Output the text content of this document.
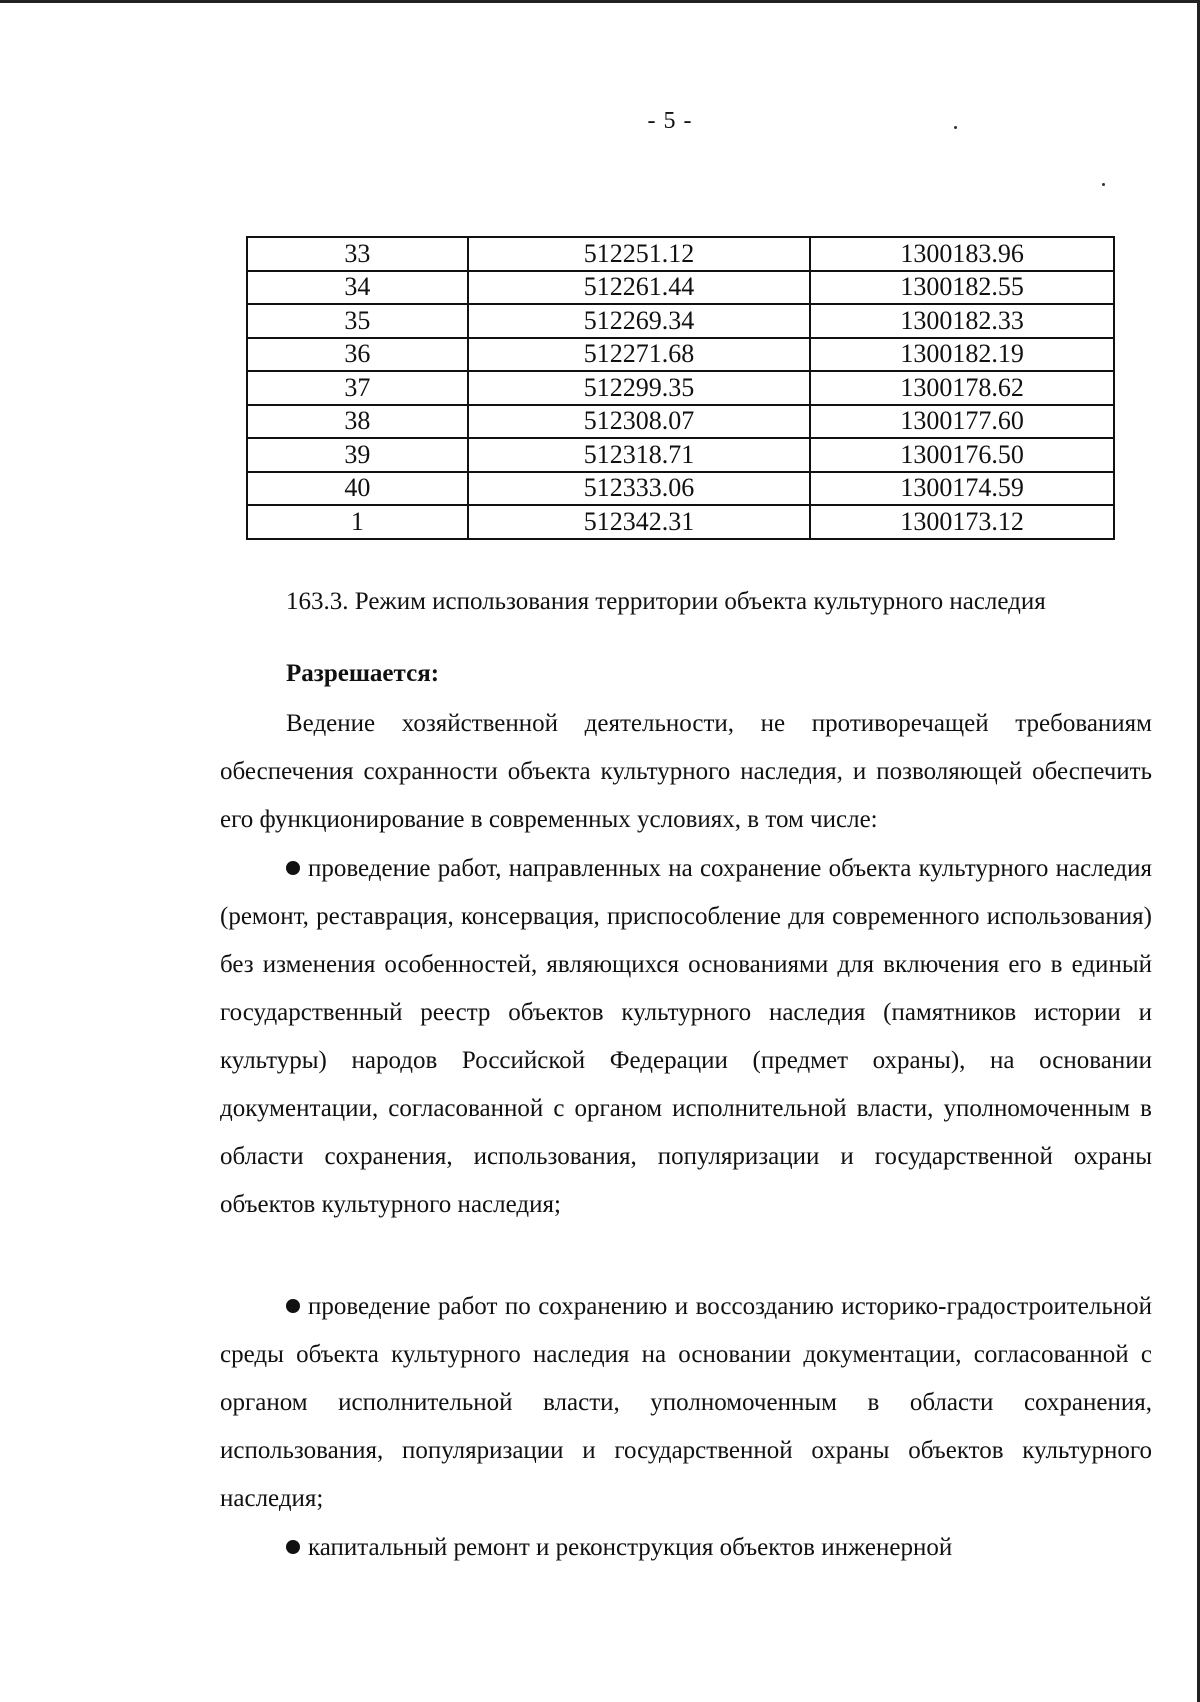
- 5 -
33	512251.12	1300183.96
34	512261.44	1300182.55
35	512269.34	1300182.33
36	512271.68	1300182.19
37	512299.35	1300178.62
38	512308.07	1300177.60
39	512318.71	1300176.50
40	512333.06	1300174.59
1	512342.31	1300173.12
163.3. Режим использования территории объекта культурного наследия
Разрешается:
Ведение хозяйственной деятельности, не противоречащей требованиям обеспечения сохранности объекта культурного наследия, и позволяющей обеспечить его функционирование в современных условиях, в том числе:
проведение работ, направленных на сохранение объекта культурного наследия (ремонт, реставрация, консервация, приспособление для современного использования) без изменения особенностей, являющихся основаниями для включения его в единый государственный реестр объектов культурного наследия (памятников истории и культуры) народов Российской Федерации (предмет охраны), на основании документации, согласованной с органом исполнительной власти, уполномоченным в области сохранения, использования, популяризации и государственной охраны объектов культурного наследия;
проведение работ по сохранению и воссозданию историко-градостроительной среды объекта культурного наследия на основании документации, согласованной с органом исполнительной власти, уполномоченным в области сохранения, использования, популяризации и государственной охраны объектов культурного наследия;
капитальный ремонт и реконструкция объектов инженерной
